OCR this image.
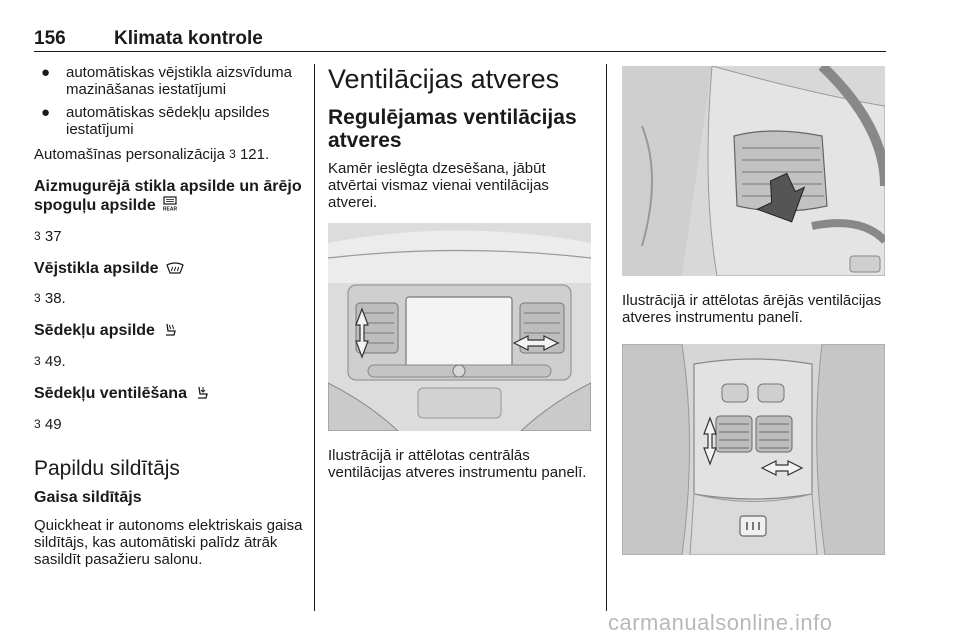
156	Klimata kontrole
● automātiskas vējstikla aizsvīduma mazināšanas iestatījumi
● automātiskas sēdekļu apsildes iestatījumi
Automašīnas personalizācija 3 121.
Aizmugurējā stikla apsilde un ārējo spoguļu apsilde REAR
3 37
Vējstikla apsilde
3 38.
Sēdekļu apsilde
3 49.
Sēdekļu ventilēšana
3 49
Papildu sildītājs
Gaisa sildītājs
Quickheat ir autonoms elektriskais gaisa sildītājs, kas automātiski palīdz ātrāk sasildīt pasažieru salonu.
Ventilācijas atveres
Regulējamas ventilācijas atveres
Kamēr ieslēgta dzesēšana, jābūt atvērtai vismaz vienai ventilācijas atverei.
Ilustrācijā ir attēlotas centrālās ventilācijas atveres instrumentu panelī.
Ilustrācijā ir attēlotas ārējās ventilācijas atveres instrumentu panelī.
carmanualsonline.info
